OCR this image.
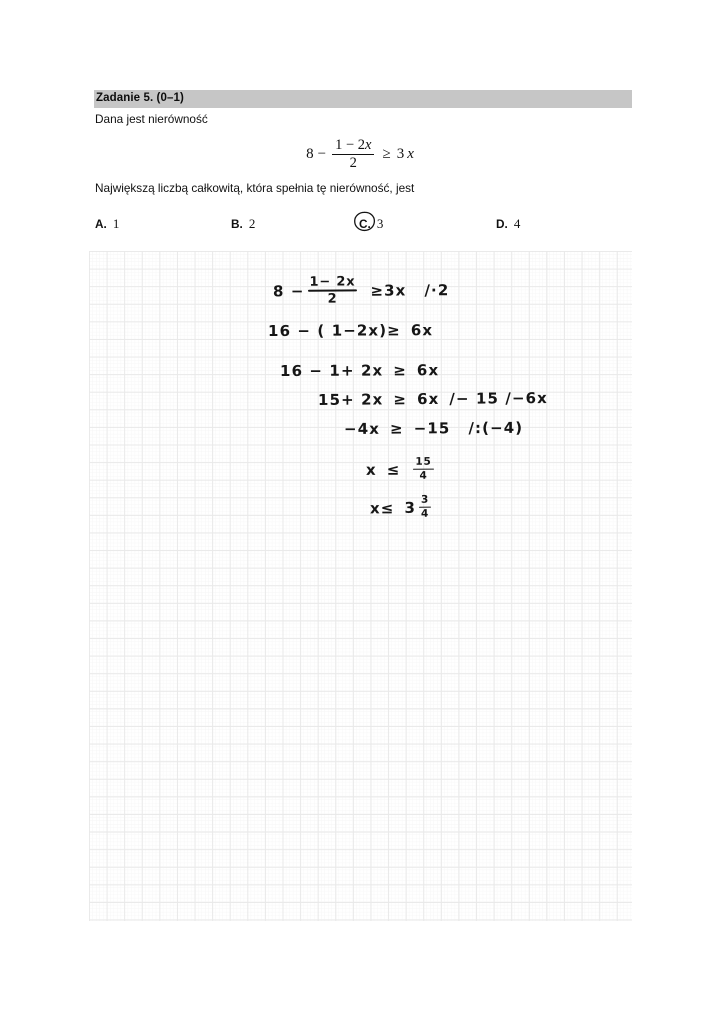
Zadanie 5. (0–1)
Dana jest nierówność
$8 - \frac{1 - 2x}{2} \ge 3$ x
Największą liczbą całkowitą, która spełnia tę nierówność, jest
A. 1	B. 2	C. 3	D. 4
$8 - \frac{1- 2x}{2} \ge 3x$ /·2
16 − ( 1−2x)≥ 6x
16 − 1+ 2x ≥ 6x
15+ 2x ≥ 6x /− 15 /−6x
−4x ≥ −15 /:(−4)
$x \le \frac{15}{4}$
$x\le 3 \frac{3}{4}$
